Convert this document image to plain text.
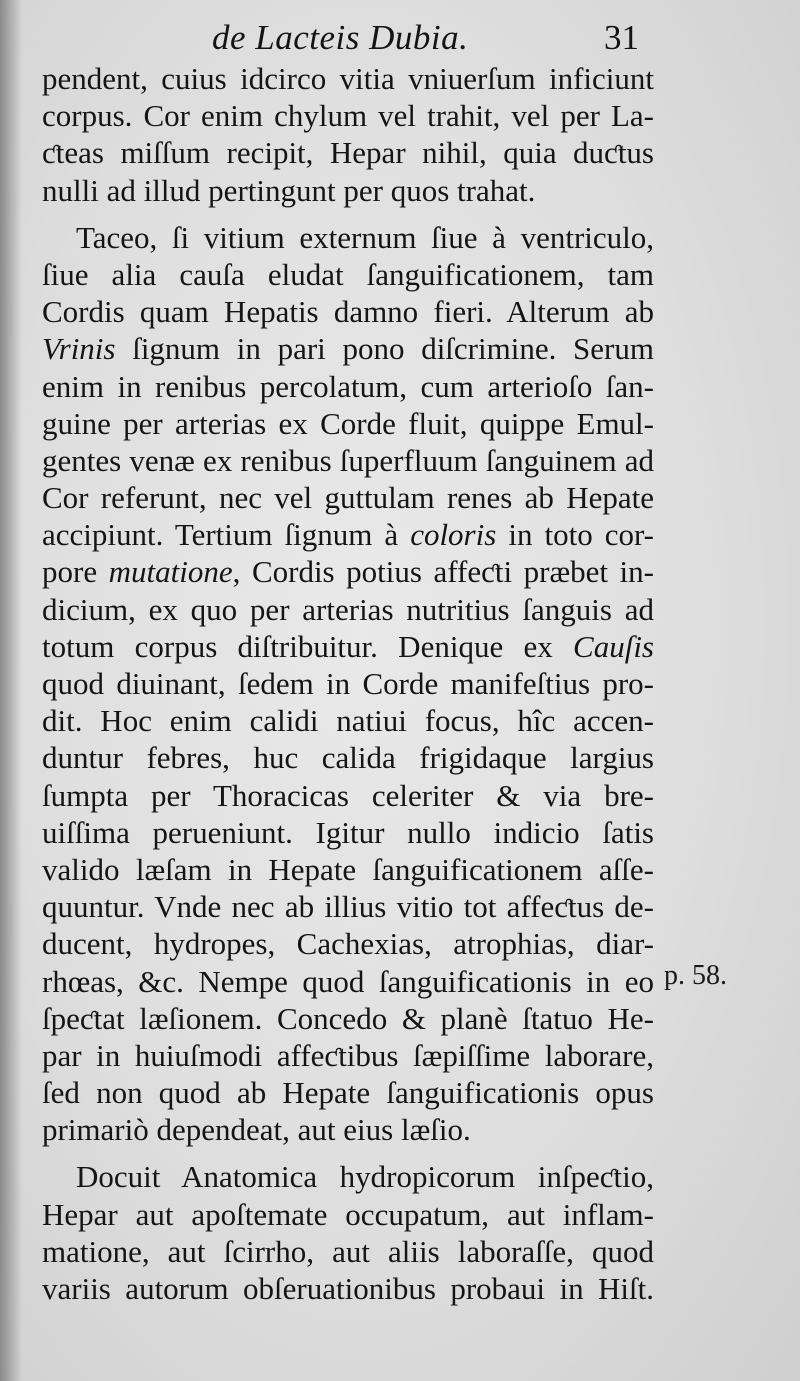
de Lacteis Dubia.	31
pendent, cuius idcirco vitia vniuerſum inficiunt
corpus. Cor enim chylum vel trahit, vel per La-
ƈteas miſſum recipit, Hepar nihil, quia duƈtus
nulli ad illud pertingunt per quos trahat.
Taceo, ſi vitium externum ſiue à ventriculo,
ſiue alia cauſa eludat ſanguificationem, tam
Cordis quam Hepatis damno fieri. Alterum ab
Vrinis ſignum in pari pono diſcrimine. Serum
enim in renibus percolatum, cum arterioſo ſan-
guine per arterias ex Corde fluit, quippe Emul-
gentes venæ ex renibus ſuperfluum ſanguinem ad
Cor referunt, nec vel guttulam renes ab Hepate
accipiunt. Tertium ſignum à coloris in toto cor-
pore mutatione, Cordis potius affeƈti præbet in-
dicium, ex quo per arterias nutritius ſanguis ad
totum corpus diſtribuitur. Denique ex Cauſis
quod diuinant, ſedem in Corde manifeſtius pro-
dit. Hoc enim calidi natiui focus, hîc accen-
duntur febres, huc calida frigidaque largius
ſumpta per Thoracicas celeriter & via bre-
uiſſima perueniunt. Igitur nullo indicio ſatis
valido læſam in Hepate ſanguificationem aſſe-
quuntur. Vnde nec ab illius vitio tot affeƈtus de-
ducent, hydropes, Cachexias, atrophias, diar-
rhœas, &c. Nempe quod ſanguificationis in eo
ſpeƈtat læſionem. Concedo & planè ſtatuo He-
par in huiuſmodi affeƈtibus ſæpiſſime laborare,
ſed non quod ab Hepate ſanguificationis opus
primariò dependeat, aut eius læſio.
Docuit Anatomica hydropicorum inſpeƈtio,
Hepar aut apoſtemate occupatum, aut inflam-
matione, aut ſcirrho, aut aliis laboraſſe, quod
variis autorum obſeruationibus probaui in Hiſt.
p. 58.
